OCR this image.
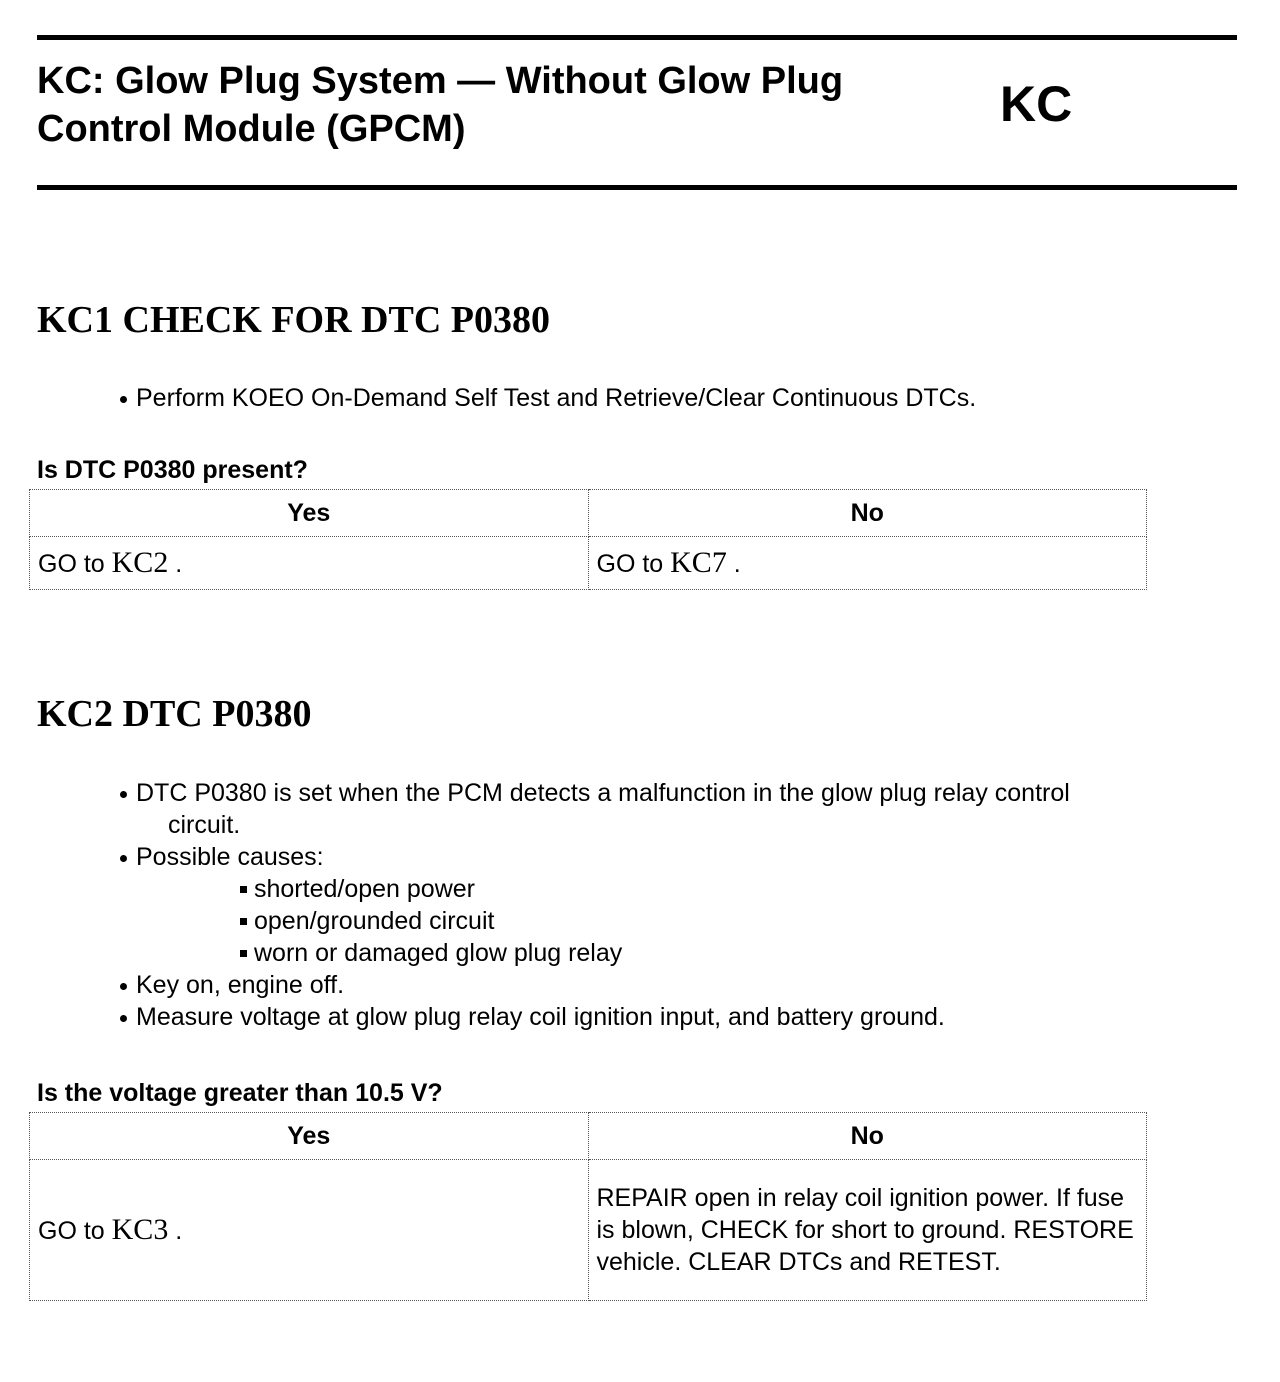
KC: Glow Plug System — Without Glow Plug Control Module (GPCM)	KC
KC1 CHECK FOR DTC P0380
Perform KOEO On-Demand Self Test and Retrieve/Clear Continuous DTCs.
Is DTC P0380 present?
Yes	No
GO to KC2 .	GO to KC7 .
KC2 DTC P0380
DTC P0380 is set when the PCM detects a malfunction in the glow plug relay control
circuit.
Possible causes:
shorted/open power
open/grounded circuit
worn or damaged glow plug relay
Key on, engine off.
Measure voltage at glow plug relay coil ignition input, and battery ground.
Is the voltage greater than 10.5 V?
Yes	No
GO to KC3 .	REPAIR open in relay coil ignition power. If fuse is blown, CHECK for short to ground. RESTORE vehicle. CLEAR DTCs and RETEST.
